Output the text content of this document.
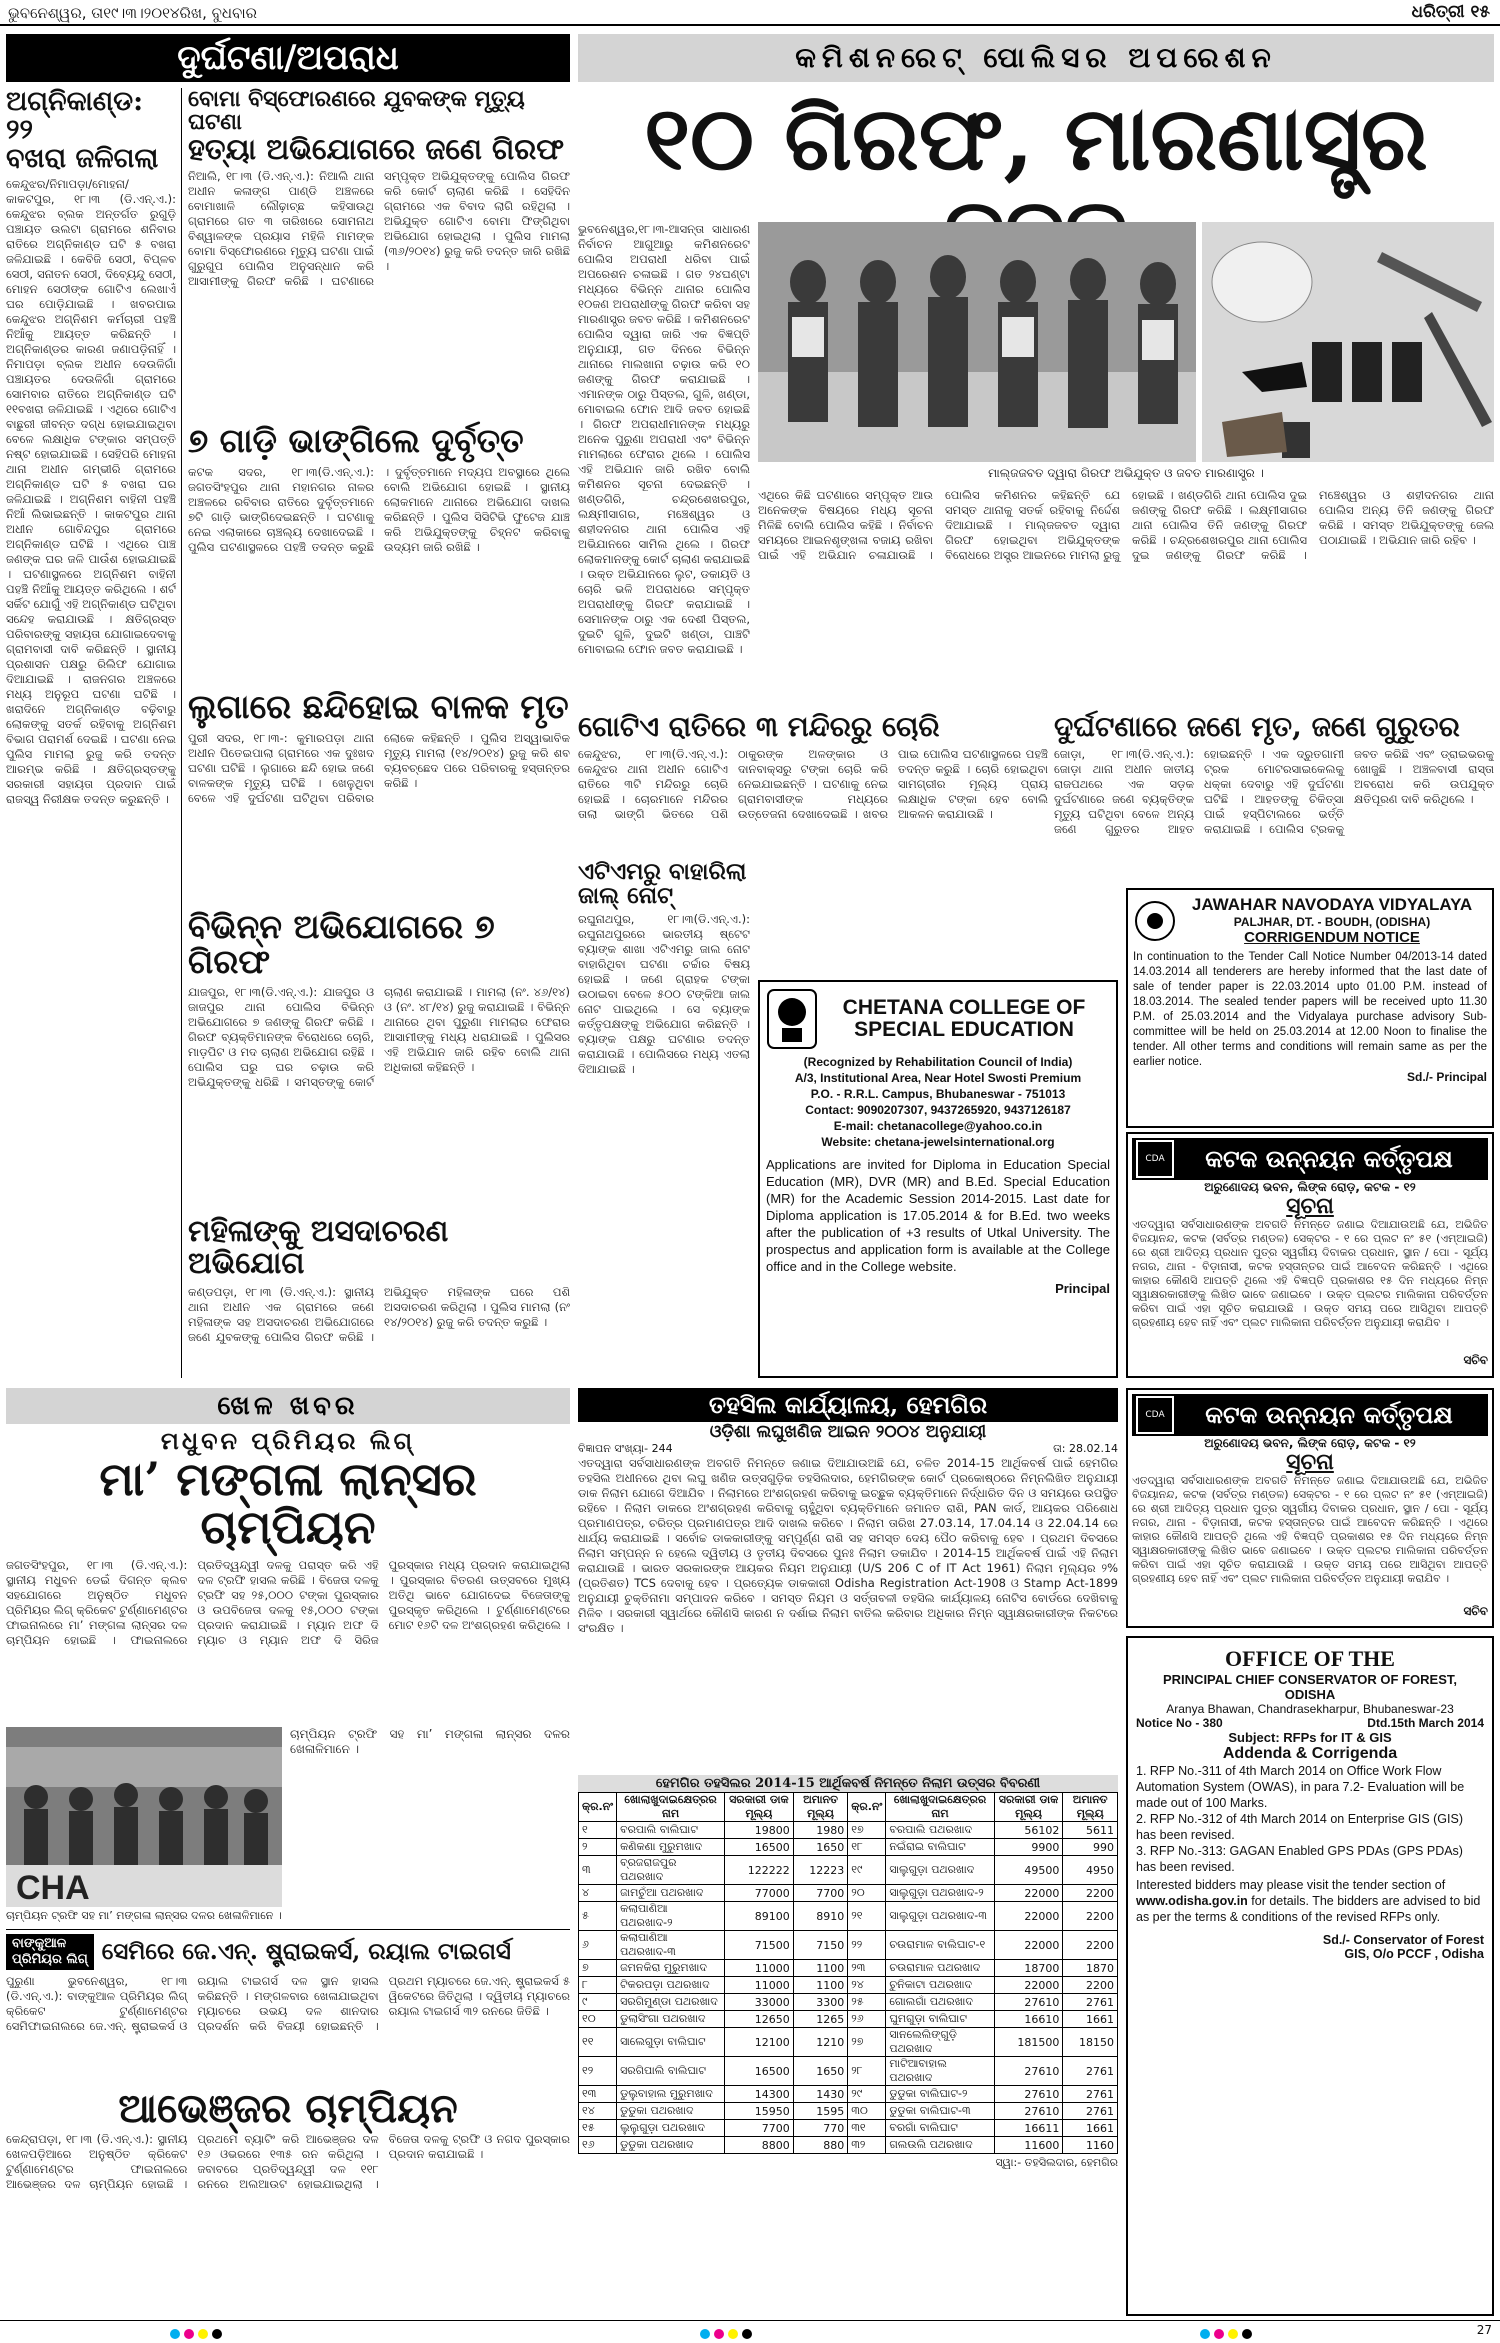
ଭୁବନେଶ୍ୱର, ତା୧୯।୩।୨୦୧୪ରିଖ, ବୁଧବାର	ଧରିତ୍ରୀ ୧୫
ଦୁର୍ଘଟଣା/ଅପରାଧ
ଅଗ୍ନିକାଣ୍ଡ: ୨୨
ବଖରା ଜଳିଗଲା
କେନ୍ଦୁଝର/ନିମାପଡ଼ା/ମୋହନା/କାକଟପୁର, ୧୮।୩ (ଡି.ଏନ୍.ଏ.): କେନ୍ଦୁଝର ବ୍ଲକ ଅନ୍ତର୍ଗତ ରୁଗୁଡ଼ି ପଞ୍ଚାୟତ ଉଲଟା ଗ୍ରାମରେ ଶନିବାର ରାତିରେ ଅଗ୍ନିକାଣ୍ଡ ଘଟି ୫ ବଖରା ଜଳିଯାଇଛି । କେବିଜି ସେଠୀ, ବିପ୍ଳବ ସେଠୀ, ସନାତନ ସେଠୀ, ଦିବ୍ୟେନ୍ଦୁ ସେଠୀ, ମୋହନ ସେଠୀଙ୍କ ଗୋଟିଏ ଲେଖାଏଁ ଘର ପୋଡ଼ିଯାଇଛି । ଖବରପାଇ କେନ୍ଦୁଝର ଅଗ୍ନିଶମ କର୍ମଚାରୀ ପହଞ୍ଚି ନିଆଁକୁ ଆୟତ୍ତ କରିଛନ୍ତି । ଅଗ୍ନିକାଣ୍ଡର କାରଣ ଜଣାପଡ଼ିନାହିଁ । ନିମାପଡ଼ା ବ୍ଲକ ଅଧୀନ ଦେଉଳିଗାଁ ପଞ୍ଚାୟତର ଦେଉଳିଗାଁ ଗ୍ରାମରେ ସୋମବାର ରାତିରେ ଅଗ୍ନିକାଣ୍ଡ ଘଟି ୧୧ବଖରା ଜଳିଯାଇଛି । ଏଥିରେ ଗୋଟିଏ ବାଛୁରୀ ଜୀବନ୍ତ ଦଗ୍ଧ ହୋଇଯାଇଥିବା ବେଳେ ଲକ୍ଷାଧିକ ଟଙ୍କାର ସମ୍ପତ୍ତି ନଷ୍ଟ ହୋଇଯାଇଛି । ସେହିପରି ମୋହନା ଥାନା ଅଧୀନ ଗମ୍ଭୀରି ଗ୍ରାମରେ ଅଗ୍ନିକାଣ୍ଡ ଘଟି ୫ ବଖରା ଘର ଜଳିଯାଇଛି । ଅଗ୍ନିଶମ ବାହିନୀ ପହଞ୍ଚି ନିଆଁ ଲିଭାଇଛନ୍ତି । କାକଟପୁର ଥାନା ଅଧୀନ ଗୋବିନ୍ଦପୁର ଗ୍ରାମରେ ଅଗ୍ନିକାଣ୍ଡ ଘଟିଛି । ଏଥିରେ ପାଞ୍ଚ ଜଣଙ୍କ ଘର ଜଳି ପାଉଁଶ ହୋଇଯାଇଛି । ଘଟଣାସ୍ଥଳରେ ଅଗ୍ନିଶମ ବାହିନୀ ପହଞ୍ଚି ନିଆଁକୁ ଆୟତ୍ତ କରିଥିଲେ । ଶର୍ଟ ସର୍କିଟ ଯୋଗୁଁ ଏହି ଅଗ୍ନିକାଣ୍ଡ ଘଟିଥିବା ସନ୍ଦେହ କରାଯାଉଛି । କ୍ଷତିଗ୍ରସ୍ତ ପରିବାରଙ୍କୁ ସହାୟତା ଯୋଗାଇଦେବାକୁ ଗ୍ରାମବାସୀ ଦାବି କରିଛନ୍ତି । ସ୍ଥାନୀୟ ପ୍ରଶାସନ ପକ୍ଷରୁ ରିଲିଫ ଯୋଗାଇ ଦିଆଯାଇଛି । ରାଜନଗର ଅଞ୍ଚଳରେ ମଧ୍ୟ ଅନୁରୂପ ଘଟଣା ଘଟିଛି । ଖରାଦିନେ ଅଗ୍ନିକାଣ୍ଡ ବଢ଼ିବାରୁ ଲୋକଙ୍କୁ ସତର୍କ ରହିବାକୁ ଅଗ୍ନିଶମ ବିଭାଗ ପରାମର୍ଶ ଦେଇଛି । ଘଟଣା ନେଇ ପୁଲିସ ମାମଲା ରୁଜୁ କରି ତଦନ୍ତ ଆରମ୍ଭ କରିଛି । କ୍ଷତିଗ୍ରସ୍ତଙ୍କୁ ସରକାରୀ ସହାୟତା ପ୍ରଦାନ ପାଇଁ ରାଜସ୍ୱ ନିରୀକ୍ଷକ ତଦନ୍ତ କରୁଛନ୍ତି ।
ବୋମା ବିସ୍ଫୋରଣରେ ଯୁବକଙ୍କ ମୃତ୍ୟୁ ଘଟଣା
ହତ୍ୟା ଅଭିଯୋଗରେ ଜଣେ ଗିରଫ
ନିଆଲି, ୧୮।୩ (ଡି.ଏନ୍.ଏ.): ନିଆଲି ଥାନା ଅଧୀନ କଳାଙ୍ଗ ପାଣ୍ଡି ଅଞ୍ଚଳରେ ବୋମାଖାଳି ଲୌଢ଼ାଚ୍ଛ କହିସାଉଥି ଗ୍ରାମରେ ଗତ ୩ ତାରିଖରେ ସୋମନାଥ ବିଶ୍ୱାଳଙ୍କ ପ୍ରୟାସ ମହିଳି ମାମଙ୍କ ବୋମା ବିସ୍ଫୋରଣରେ ମୃତ୍ୟୁ ଘଟଣା ପାଇଁ ଗୁରୁଗୁପ ପୋଲିସ ଅନୁସନ୍ଧାନ କରି ଆସାମୀଙ୍କୁ ଗିରଫ କରିଛି । ଘଟଣାରେ ସମ୍ପୃକ୍ତ ଅଭିଯୁକ୍ତଙ୍କୁ ପୋଲିସ ଗିରଫ କରି କୋର୍ଟ ଚାଲାଣ କରିଛି । ସେହିଦିନ ଗ୍ରାମରେ ଏକ ବିବାଦ ଲାଗି ରହିଥିଲା । ଅଭିଯୁକ୍ତ ଗୋଟିଏ ବୋମା ଫିଙ୍ଗିଥିବା ଅଭିଯୋଗ ହୋଇଥିଲା । ପୁଲିସ ମାମଲା (୩୬/୨୦୧୪) ରୁଜୁ କରି ତଦନ୍ତ ଜାରି ରଖିଛି ।
୭ ଗାଡ଼ି ଭାଙ୍ଗିଲେ ଦୁର୍ବୃତ୍ତ
କଟକ ସଦର, ୧୮।୩(ଡି.ଏନ୍.ଏ.): ଜଗତସିଂହପୁର ଥାନା ମହାନଗର ନାଳର ଅଞ୍ଚଳରେ ରବିବାର ରାତିରେ ଦୁର୍ବୃତ୍ତମାନେ ୭ଟି ଗାଡ଼ି ଭାଙ୍ଗିଦେଇଛନ୍ତି । ଘଟଣାକୁ ନେଇ ଏଲାକାରେ ଚାଞ୍ଚଲ୍ୟ ଦେଖାଦେଇଛି । ପୁଲିସ ଘଟଣାସ୍ଥଳରେ ପହଞ୍ଚି ତଦନ୍ତ କରୁଛି । ଦୁର୍ବୃତ୍ତମାନେ ମଦ୍ୟପ ଅବସ୍ଥାରେ ଥିଲେ ବୋଲି ଅଭିଯୋଗ ହୋଇଛି । ସ୍ଥାନୀୟ ଲୋକମାନେ ଥାନାରେ ଅଭିଯୋଗ ଦାଖଲ କରିଛନ୍ତି । ପୁଲିସ ସିସିଟିଭି ଫୁଟେଜ ଯାଞ୍ଚ କରି ଅଭିଯୁକ୍ତଙ୍କୁ ଚିହ୍ନଟ କରିବାକୁ ଉଦ୍ୟମ ଜାରି ରଖିଛି ।
ଲୁଗାରେ ଛନ୍ଦିହୋଇ ବାଳକ ମୃତ
ପୁରୀ ସଦର, ୧୮।୩-: କୁମାରପଡ଼ା ଥାନା ଅଧୀନ ପିତେଇପାଲା ଗ୍ରାମରେ ଏକ ଦୁଃଖଦ ଘଟଣା ଘଟିଛି । ଲୁଗାରେ ଛନ୍ଦି ହୋଇ ଜଣେ ବାଳକଙ୍କ ମୃତ୍ୟୁ ଘଟିଛି । ଖେଳୁଥିବା ବେଳେ ଏହି ଦୁର୍ଘଟଣା ଘଟିଥିବା ପରିବାର ଲୋକେ କହିଛନ୍ତି । ପୁଲିସ ଅସ୍ୱାଭାବିକ ମୃତ୍ୟୁ ମାମଲା (୧୪/୨୦୧୪) ରୁଜୁ କରି ଶବ ବ୍ୟବଚ୍ଛେଦ ପରେ ପରିବାରକୁ ହସ୍ତାନ୍ତର କରିଛି ।
ବିଭିନ୍ନ ଅଭିଯୋଗରେ ୭ ଗିରଫ
ଯାଜପୁର, ୧୮।୩(ଡି.ଏନ୍.ଏ.): ଯାଜପୁର ଓ ଜାଜପୁର ଥାନା ପୋଲିସ ବିଭିନ୍ନ ଅଭିଯୋଗରେ ୭ ଜଣଙ୍କୁ ଗିରଫ କରିଛି । ଗିରଫ ବ୍ୟକ୍ତିମାନଙ୍କ ବିରୋଧରେ ଚୋରି, ମାଡ଼ପିଟ ଓ ମଦ ଚାଲାଣ ଅଭିଯୋଗ ରହିଛି । ପୋଲିସ ଘରୁ ଘର ଚଢ଼ାଉ କରି ଅଭିଯୁକ୍ତଙ୍କୁ ଧରିଛି । ସମସ୍ତଙ୍କୁ କୋର୍ଟ ଚାଲାଣ କରାଯାଇଛି । ମାମଲା (ନଂ. ୪୬/୧୪) ଓ (ନଂ. ୪୮/୧୪) ରୁଜୁ କରାଯାଇଛି । ବିଭିନ୍ନ ଥାନାରେ ଥିବା ପୁରୁଣା ମାମଲାର ଫେରାର ଆସାମୀଙ୍କୁ ମଧ୍ୟ ଧରାଯାଇଛି । ପୁଲିସର ଏହି ଅଭିଯାନ ଜାରି ରହିବ ବୋଲି ଥାନା ଅଧିକାରୀ କହିଛନ୍ତି ।
ମହିଳାଙ୍କୁ ଅସଦାଚରଣ ଅଭିଯୋଗ
କଣ୍ଡପଡ଼ା, ୧୮।୩ (ଡି.ଏନ୍.ଏ.): ସ୍ଥାନୀୟ ଥାନା ଅଧୀନ ଏକ ଗ୍ରାମରେ ଜଣେ ମହିଳାଙ୍କ ସହ ଅସଦାଚରଣ ଅଭିଯୋଗରେ ଜଣେ ଯୁବକଙ୍କୁ ପୋଲିସ ଗିରଫ କରିଛି । ଅଭିଯୁକ୍ତ ମହିଳାଙ୍କ ଘରେ ପଶି ଅସଦାଚରଣ କରିଥିଲା । ପୁଲିସ ମାମଲା (ନଂ ୧୪/୨୦୧୪) ରୁଜୁ କରି ତଦନ୍ତ କରୁଛି ।
କମିଶନରେଟ୍ ପୋଲିସର ଅପରେଶନ
୧୦ ଗିରଫ, ମାରଣାସ୍ତ୍ର
ଭୁବନେଶ୍ୱର,୧୮।୩-ଆସନ୍ତା ସାଧାରଣ ନିର୍ବାଚନ ଆଗୁଆରୁ କମିଶନରେଟ ପୋଲିସ ଅପରାଧୀ ଧରିବା ପାଇଁ ଅପରେଶନ ଚଳାଇଛି । ଗତ ୨୪ଘଣ୍ଟା ମଧ୍ୟରେ ବିଭିନ୍ନ ଥାନାର ପୋଲିସ ୧୦ଜଣ ଅପରାଧୀଙ୍କୁ ଗିରଫ କରିବା ସହ ମାରଣାସ୍ତ୍ର ଜବତ କରିଛି । କମିଶନରେଟ ପୋଲିସ ଦ୍ୱାରା ଜାରି ଏକ ବିଜ୍ଞପ୍ତି ଅନୁଯାୟୀ, ଗତ ଦିନରେ ବିଭିନ୍ନ ଥାନାରେ ମାଲଖାନା ଚଢ଼ାଉ କରି ୧୦ ଜଣଙ୍କୁ ଗିରଫ କରାଯାଇଛି । ଏମାନଙ୍କ ଠାରୁ ପିସ୍ତଲ, ଗୁଳି, ଖଣ୍ଡା, ମୋବାଇଲ ଫୋନ ଆଦି ଜବତ ହୋଇଛି । ଗିରଫ ଅପରାଧୀମାନଙ୍କ ମଧ୍ୟରୁ ଅନେକ ପୁରୁଣା ଅପରାଧୀ ଏବଂ ବିଭିନ୍ନ ମାମଲାରେ ଫେରାର ଥିଲେ । ପୋଲିସ ଏହି ଅଭିଯାନ ଜାରି ରଖିବ ବୋଲି କମିଶନର ସୂଚନା ଦେଇଛନ୍ତି । ଖଣ୍ଡଗିରି, ଚନ୍ଦ୍ରଶେଖରପୁର, ଲକ୍ଷ୍ମୀସାଗର, ମଞ୍ଚେଶ୍ୱର ଓ ଶହୀଦନଗର ଥାନା ପୋଲିସ ଏହି ଅଭିଯାନରେ ସାମିଲ ଥିଲେ । ଗିରଫ ଲୋକମାନଙ୍କୁ କୋର୍ଟ ଚାଲାଣ କରାଯାଇଛି । ଉକ୍ତ ଅଭିଯାନରେ ଲୁଟ, ଡକାୟତି ଓ ଚୋରି ଭଳି ଅପରାଧରେ ସମ୍ପୃକ୍ତ ଅପରାଧୀଙ୍କୁ ଗିରଫ କରାଯାଇଛି । ସେମାନଙ୍କ ଠାରୁ ଏକ ଦେଶୀ ପିସ୍ତଲ, ଦୁଇଟି ଗୁଳି, ଦୁଇଟି ଖଣ୍ଡା, ପାଞ୍ଚଟି ମୋବାଇଲ ଫୋନ ଜବତ କରାଯାଇଛି ।
ମାଲ୍‌ଜଜବତ ଦ୍ୱାରା ଗିରଫ ଅଭିଯୁକ୍ତ ଓ ଜବତ ମାରଣାସ୍ତ୍ର ।
ଏଥିରେ କିଛି ଘଟଣାରେ ସମ୍ପୃକ୍ତ ଆଉ ଅନେକଙ୍କ ବିଷୟରେ ମଧ୍ୟ ସୂଚନା ମିଳିଛି ବୋଲି ପୋଲିସ କହିଛି । ନିର୍ବାଚନ ସମୟରେ ଆଇନଶୃଙ୍ଖଳା ବଜାୟ ରଖିବା ପାଇଁ ଏହି ଅଭିଯାନ ଚଳାଯାଉଛି । ପୋଲିସ କମିଶନର କହିଛନ୍ତି ଯେ ସମସ୍ତ ଥାନାକୁ ସତର୍କ ରହିବାକୁ ନିର୍ଦ୍ଦେଶ ଦିଆଯାଇଛି । ମାଲ୍‌ଜଜବତ ଦ୍ୱାରା ଗିରଫ ହୋଇଥିବା ଅଭିଯୁକ୍ତଙ୍କ ବିରୋଧରେ ଅସ୍ତ୍ର ଆଇନରେ ମାମଲା ରୁଜୁ ହୋଇଛି । ଖଣ୍ଡଗିରି ଥାନା ପୋଲିସ ଦୁଇ ଜଣଙ୍କୁ ଗିରଫ କରିଛି । ଲକ୍ଷ୍ମୀସାଗର ଥାନା ପୋଲିସ ତିନି ଜଣଙ୍କୁ ଗିରଫ କରିଛି । ଚନ୍ଦ୍ରଶେଖରପୁର ଥାନା ପୋଲିସ ଦୁଇ ଜଣଙ୍କୁ ଗିରଫ କରିଛି । ମଞ୍ଚେଶ୍ୱର ଓ ଶହୀଦନଗର ଥାନା ପୋଲିସ ଅନ୍ୟ ତିନି ଜଣଙ୍କୁ ଗିରଫ କରିଛି । ସମସ୍ତ ଅଭିଯୁକ୍ତଙ୍କୁ ଜେଲ ପଠାଯାଇଛି । ଅଭିଯାନ ଜାରି ରହିବ ।
ଗୋଟିଏ ରାତିରେ ୩ ମନ୍ଦିରରୁ ଚୋରି
କେନ୍ଦୁଝର, ୧୮।୩(ଡି.ଏନ୍.ଏ.): କେନ୍ଦୁଝର ଥାନା ଅଧୀନ ଗୋଟିଏ ରାତିରେ ୩ଟି ମନ୍ଦିରରୁ ଚୋରି ହୋଇଛି । ଚୋରମାନେ ମନ୍ଦିରର ତାଲା ଭାଙ୍ଗି ଭିତରେ ପଶି ଠାକୁରଙ୍କ ଅଳଙ୍କାର ଓ ଦାନବାକ୍ସରୁ ଟଙ୍କା ଚୋରି କରି ନେଇଯାଇଛନ୍ତି । ଘଟଣାକୁ ନେଇ ଗ୍ରାମବାସୀଙ୍କ ମଧ୍ୟରେ ଉତ୍ତେଜନା ଦେଖାଦେଇଛି । ଖବର ପାଇ ପୋଲିସ ଘଟଣାସ୍ଥଳରେ ପହଞ୍ଚି ତଦନ୍ତ କରୁଛି । ଚୋରି ହୋଇଥିବା ସାମଗ୍ରୀର ମୂଲ୍ୟ ପ୍ରାୟ ଲକ୍ଷାଧିକ ଟଙ୍କା ହେବ ବୋଲି ଆକଳନ କରାଯାଉଛି ।
ଦୁର୍ଘଟଣାରେ ଜଣେ ମୃତ, ଜଣେ ଗୁରୁତର
ଜୋଡ଼ା, ୧୮।୩(ଡି.ଏନ୍.ଏ.): ଜୋଡ଼ା ଥାନା ଅଧୀନ ଜାତୀୟ ରାଜପଥରେ ଏକ ସଡ଼କ ଦୁର୍ଘଟଣାରେ ଜଣେ ବ୍ୟକ୍ତିଙ୍କ ମୃତ୍ୟୁ ଘଟିଥିବା ବେଳେ ଅନ୍ୟ ଜଣେ ଗୁରୁତର ଆହତ ହୋଇଛନ୍ତି । ଏକ ଦ୍ରୁତଗାମୀ ଟ୍ରକ ମୋଟରସାଇକେଲକୁ ଧକ୍କା ଦେବାରୁ ଏହି ଦୁର୍ଘଟଣା ଘଟିଛି । ଆହତଙ୍କୁ ଚିକିତ୍ସା ପାଇଁ ହସ୍ପିଟାଲରେ ଭର୍ତ୍ତି କରାଯାଇଛି । ପୋଲିସ ଟ୍ରକକୁ ଜବତ କରିଛି ଏବଂ ଡ୍ରାଇଭରକୁ ଖୋଜୁଛି । ଅଞ୍ଚଳବାସୀ ରାସ୍ତା ଅବରୋଧ କରି ଉପଯୁକ୍ତ କ୍ଷତିପୂରଣ ଦାବି କରିଥିଲେ ।
ଏଟିଏମରୁ ବାହାରିଲା
ଜାଲ୍ ନୋଟ୍
ରଘୁନାଥପୁର, ୧୮।୩(ଡି.ଏନ୍.ଏ.): ରଘୁନାଥପୁରରେ ଭାରତୀୟ ଷ୍ଟେଟ ବ୍ୟାଙ୍କ ଶାଖା ଏଟିଏମରୁ ଜାଲ ନୋଟ ବାହାରିଥିବା ଘଟଣା ଚର୍ଚ୍ଚାର ବିଷୟ ହୋଇଛି । ଜଣେ ଗ୍ରାହକ ଟଙ୍କା ଉଠାଇବା ବେଳେ ୫୦୦ ଟଙ୍କିଆ ଜାଲ ନୋଟ ପାଇଥିଲେ । ସେ ବ୍ୟାଙ୍କ କର୍ତ୍ତୃପକ୍ଷଙ୍କୁ ଅଭିଯୋଗ କରିଛନ୍ତି । ବ୍ୟାଙ୍କ ପକ୍ଷରୁ ଘଟଣାର ତଦନ୍ତ କରାଯାଉଛି । ପୋଲିସରେ ମଧ୍ୟ ଏତଲା ଦିଆଯାଇଛି ।
CHETANA COLLEGE OF
SPECIAL EDUCATION
(Recognized by Rehabilitation Council of India)
A/3, Institutional Area, Near Hotel Swosti Premium
P.O. - R.R.L. Campus, Bhubaneswar - 751013
Contact: 9090207307, 9437265920, 9437126187
E-mail: chetanacollege@yahoo.co.in
Website: chetana-jewelsinternational.org
Applications are invited for Diploma in Education Special Education (MR), DVR (MR) and B.Ed. Special Education (MR) for the Academic Session 2014-2015. Last date for Diploma application is 17.05.2014 & for B.Ed. two weeks after the publication of +3 results of Utkal University. The prospectus and application form is available at the College office and in the College website.
Principal
JAWAHAR NAVODAYA VIDYALAYA
PALJHAR, DT. - BOUDH, (ODISHA)
CORRIGENDUM NOTICE
In continuation to the Tender Call Notice Number 04/2013-14 dated 14.03.2014 all tenderers are hereby informed that the last date of sale of tender paper is 22.03.2014 upto 01.00 P.M. instead of 18.03.2014. The sealed tender papers will be received upto 11.30 P.M. of 25.03.2014 and the Vidyalaya purchase advisory Sub-committee will be held on 25.03.2014 at 12.00 Noon to finalise the tender. All other terms and conditions will remain same as per the earlier notice.
Sd./- Principal
CDA	କଟକ ଉନ୍ନୟନ କର୍ତ୍ତୃପକ୍ଷ
ଅରୁଣୋଦୟ ଭବନ, ଲିଙ୍କ ରୋଡ଼, କଟକ - ୧୨
ସୂଚନା
ଏତଦ୍ୱାରା ସର୍ବସାଧାରଣଙ୍କ ଅବଗତି ନିମନ୍ତେ ଜଣାଇ ଦିଆଯାଉଅଛି ଯେ, ଅଭିଜିତ ବିଜୟାନନ୍ଦ, କଟକ (ସର୍ବତ୍ର ମଣ୍ଡଳ) ସେକ୍ଟର - ୧ ରେ ପ୍ଲଟ ନଂ ୫୧ (ଏମ୍‌ଆଇଜି) ରେ ଶ୍ରୀ ଆଦିତ୍ୟ ପ୍ରଧାନ ପୁତ୍ର ସ୍ୱର୍ଗୀୟ ଦିବାକର ପ୍ରଧାନ, ସ୍ଥାନ / ପୋ - ସୂର୍ଯ୍ୟ ନଗର, ଥାନା - ବିଡ଼ାନାସୀ, କଟକ ହସ୍ତାନ୍ତର ପାଇଁ ଆବେଦନ କରିଛନ୍ତି । ଏଥିରେ କାହାର କୌଣସି ଆପତ୍ତି ଥିଲେ ଏହି ବିଜ୍ଞପ୍ତି ପ୍ରକାଶର ୧୫ ଦିନ ମଧ୍ୟରେ ନିମ୍ନ ସ୍ୱାକ୍ଷରକାରୀଙ୍କୁ ଲିଖିତ ଭାବେ ଜଣାଇବେ । ଉକ୍ତ ପ୍ଲଟର ମାଲିକାନା ପରିବର୍ତ୍ତନ କରିବା ପାଇଁ ଏହା ସୂଚିତ କରାଯାଉଛି । ଉକ୍ତ ସମୟ ପରେ ଆସିଥିବା ଆପତ୍ତି ଗ୍ରହଣୀୟ ହେବ ନାହିଁ ଏବଂ ପ୍ଲଟ ମାଲିକାନା ପରିବର୍ତ୍ତନ ଅନୁଯାୟୀ କରାଯିବ ।
ସଚିବ
CDA	କଟକ ଉନ୍ନୟନ କର୍ତ୍ତୃପକ୍ଷ
ଅରୁଣୋଦୟ ଭବନ, ଲିଙ୍କ ରୋଡ଼, କଟକ - ୧୨
ସୂଚନା
ଏତଦ୍ୱାରା ସର୍ବସାଧାରଣଙ୍କ ଅବଗତି ନିମନ୍ତେ ଜଣାଇ ଦିଆଯାଉଅଛି ଯେ, ଅଭିଜିତ ବିଜୟାନନ୍ଦ, କଟକ (ସର୍ବତ୍ର ମଣ୍ଡଳ) ସେକ୍ଟର - ୧ ରେ ପ୍ଲଟ ନଂ ୫୧ (ଏମ୍‌ଆଇଜି) ରେ ଶ୍ରୀ ଆଦିତ୍ୟ ପ୍ରଧାନ ପୁତ୍ର ସ୍ୱର୍ଗୀୟ ଦିବାକର ପ୍ରଧାନ, ସ୍ଥାନ / ପୋ - ସୂର୍ଯ୍ୟ ନଗର, ଥାନା - ବିଡ଼ାନାସୀ, କଟକ ହସ୍ତାନ୍ତର ପାଇଁ ଆବେଦନ କରିଛନ୍ତି । ଏଥିରେ କାହାର କୌଣସି ଆପତ୍ତି ଥିଲେ ଏହି ବିଜ୍ଞପ୍ତି ପ୍ରକାଶର ୧୫ ଦିନ ମଧ୍ୟରେ ନିମ୍ନ ସ୍ୱାକ୍ଷରକାରୀଙ୍କୁ ଲିଖିତ ଭାବେ ଜଣାଇବେ । ଉକ୍ତ ପ୍ଲଟର ମାଲିକାନା ପରିବର୍ତ୍ତନ କରିବା ପାଇଁ ଏହା ସୂଚିତ କରାଯାଉଛି । ଉକ୍ତ ସମୟ ପରେ ଆସିଥିବା ଆପତ୍ତି ଗ୍ରହଣୀୟ ହେବ ନାହିଁ ଏବଂ ପ୍ଲଟ ମାଲିକାନା ପରିବର୍ତ୍ତନ ଅନୁଯାୟୀ କରାଯିବ ।
ସଚିବ
ଖେଳ ଖବର
ମଧୁବନ ପ୍ରିମିୟର ଲିଗ୍
ମା’ ମଙ୍ଗଳା ଲାନ୍ସର ଚାମ୍ପିୟନ
ଜଗତସିଂହପୁର, ୧୮।୩ (ଡି.ଏନ୍.ଏ.): ସ୍ଥାନୀୟ ମଧୁବନ ଡେଇଁ ଦିଗନ୍ତ କ୍ଲବ ସହଯୋଗରେ ଅନୁଷ୍ଠିତ ମଧୁବନ ପ୍ରିମିୟର ଲିଗ୍ କ୍ରିକେଟ ଟୁର୍ଣ୍ଣାମେଣ୍ଟର ଫାଇନାଲରେ ମା’ ମଙ୍ଗଳା ଲାନ୍ସର ଦଳ ଚାମ୍ପିୟନ ହୋଇଛି । ଫାଇନାଲରେ ପ୍ରତିଦ୍ୱନ୍ଦ୍ୱୀ ଦଳକୁ ପରାସ୍ତ କରି ଏହି ଦଳ ଟ୍ରଫି ହାସଲ କରିଛି । ବିଜେତା ଦଳକୁ ଟ୍ରଫି ସହ ୨୫,୦୦୦ ଟଙ୍କା ପୁରସ୍କାର ଓ ଉପବିଜେତା ଦଳକୁ ୧୫,୦୦୦ ଟଙ୍କା ପ୍ରଦାନ କରାଯାଇଛି । ମ୍ୟାନ ଅଫ ଦି ମ୍ୟାଚ ଓ ମ୍ୟାନ ଅଫ ଦି ସିରିଜ ପୁରସ୍କାର ମଧ୍ୟ ପ୍ରଦାନ କରାଯାଇଥିଲା । ପୁରସ୍କାର ବିତରଣ ଉତ୍ସବରେ ମୁଖ୍ୟ ଅତିଥି ଭାବେ ଯୋଗଦେଇ ବିଜେତାଙ୍କୁ ପୁରସ୍କୃତ କରିଥିଲେ । ଟୁର୍ଣ୍ଣାମେଣ୍ଟରେ ମୋଟ ୧୬ଟି ଦଳ ଅଂଶଗ୍ରହଣ କରିଥିଲେ ।
CHA
ଚାମ୍ପିୟନ ଟ୍ରଫି ସହ ମା’ ମଙ୍ଗଳା ଲାନ୍ସର ଦଳର ଖେଳାଳିମାନେ ।
ଚାମ୍ପିୟନ ଟ୍ରଫି ସହ ମା’ ମଙ୍ଗଳା ଲାନ୍ସର ଦଳର ଖେଳାଳିମାନେ ।
ବାଙ୍କୁଆଳ
ପ୍ରିମିୟର ଲିଗ୍ ସେମିରେ ଜେ.ଏନ୍. ଷ୍ଟ୍ରାଇକର୍ସ, ରୟାଲ ଟାଇଗର୍ସ
ପୁରୁଣା ଭୁବନେଶ୍ୱର, ୧୮।୩ (ଡି.ଏନ୍.ଏ.): ବାଙ୍କୁଆଳ ପ୍ରିମିୟର ଲିଗ୍ କ୍ରିକେଟ ଟୁର୍ଣ୍ଣାମେଣ୍ଟର ସେମିଫାଇନାଲରେ ଜେ.ଏନ୍. ଷ୍ଟ୍ରାଇକର୍ସ ଓ ରୟାଲ ଟାଇଗର୍ସ ଦଳ ସ୍ଥାନ ହାସଲ କରିଛନ୍ତି । ମଙ୍ଗଳବାର ଖେଳାଯାଇଥିବା ମ୍ୟାଚରେ ଉଭୟ ଦଳ ଶାନଦାର ପ୍ରଦର୍ଶନ କରି ବିଜୟୀ ହୋଇଛନ୍ତି । ପ୍ରଥମ ମ୍ୟାଚରେ ଜେ.ଏନ୍. ଷ୍ଟ୍ରାଇକର୍ସ ୫ ୱିକେଟରେ ଜିତିଥିଲା । ଦ୍ୱିତୀୟ ମ୍ୟାଚରେ ରୟାଲ ଟାଇଗର୍ସ ୩୨ ରନରେ ଜିତିଛି ।
ଆଭେଞ୍ଜର ଚାମ୍ପିୟନ
କେନ୍ଦ୍ରାପଡ଼ା, ୧୮।୩ (ଡି.ଏନ୍.ଏ.): ସ୍ଥାନୀୟ ଖେଳପଡ଼ିଆରେ ଅନୁଷ୍ଠିତ କ୍ରିକେଟ ଟୁର୍ଣ୍ଣାମେଣ୍ଟର ଫାଇନାଲରେ ଆଭେଞ୍ଜର ଦଳ ଚାମ୍ପିୟନ ହୋଇଛି । ପ୍ରଥମେ ବ୍ୟାଟିଂ କରି ଆଭେଞ୍ଜର ଦଳ ୧୬ ଓଭରରେ ୧୩୫ ରନ କରିଥିଲା । ଜବାବରେ ପ୍ରତିଦ୍ୱନ୍ଦ୍ୱୀ ଦଳ ୧୧୮ ରନରେ ଅଲଆଉଟ ହୋଇଯାଇଥିଲା । ବିଜେତା ଦଳକୁ ଟ୍ରଫି ଓ ନଗଦ ପୁରସ୍କାର ପ୍ରଦାନ କରାଯାଇଛି ।
ତହସିଲ କାର୍ଯ୍ୟାଳୟ, ହେମଗିର
ଓଡ଼ିଶା ଲଘୁଖଣିଜ ଆଇନ ୨୦୦୪ ଅନୁଯାୟୀ
ବିଜ୍ଞାପନ ସଂଖ୍ୟା- 244	ତା: 28.02.14
ଏତଦ୍ୱାରା ସର୍ବସାଧାରଣଙ୍କ ଅବଗତି ନିମନ୍ତେ ଜଣାଇ ଦିଆଯାଉଅଛି ଯେ, ଚଳିତ 2014-15 ଆର୍ଥିକବର୍ଷ ପାଇଁ ହେମଗିର ତହସିଲ ଅଧୀନରେ ଥିବା ଲଘୁ ଖଣିଜ ଉତ୍ସଗୁଡ଼ିକ ତହସିଲଦାର, ହେମଗିରଙ୍କ କୋର୍ଟ ପ୍ରକୋଷ୍ଠରେ ନିମ୍ନଲିଖିତ ଅନୁଯାୟୀ ଡାକ ନିଲାମ ଯୋଗେ ଦିଆଯିବ । ନିଲାମରେ ଅଂଶଗ୍ରହଣ କରିବାକୁ ଇଚ୍ଛୁକ ବ୍ୟକ୍ତିମାନେ ନିର୍ଦ୍ଧାରିତ ଦିନ ଓ ସମୟରେ ଉପସ୍ଥିତ ରହିବେ । ନିଲାମ ଡାକରେ ଅଂଶଗ୍ରହଣ କରିବାକୁ ଚାହୁଁଥିବା ବ୍ୟକ୍ତିମାନେ ଜମାନତ ରାଶି, PAN କାର୍ଡ, ଆୟକର ପରିଶୋଧ ପ୍ରମାଣପତ୍ର, ଚରିତ୍ର ପ୍ରମାଣପତ୍ର ଆଦି ଦାଖଲ କରିବେ । ନିଲାମ ତାରିଖ 27.03.14, 17.04.14 ଓ 22.04.14 ରେ ଧାର୍ଯ୍ୟ କରାଯାଇଛି । ସର୍ବୋଚ୍ଚ ଡାକକାରୀଙ୍କୁ ସମ୍ପୂର୍ଣ୍ଣ ରାଶି ସହ ସମସ୍ତ ଦେୟ ପୈଠ କରିବାକୁ ହେବ । ପ୍ରଥମ ଦିବସରେ ନିଲାମ ସମ୍ପନ୍ନ ନ ହେଲେ ଦ୍ୱିତୀୟ ଓ ତୃତୀୟ ଦିବସରେ ପୁନଃ ନିଲାମ ଡକାଯିବ । 2014-15 ଆର୍ଥିକବର୍ଷ ପାଇଁ ଏହି ନିଲାମ କରାଯାଉଛି । ଭାରତ ସରକାରଙ୍କ ଆୟକର ନିୟମ ଅନୁଯାୟୀ (U/S 206 C of IT Act 1961) ନିଲାମ ମୂଲ୍ୟର ୨% (ପ୍ରତିଶତ) TCS ଦେବାକୁ ହେବ । ପ୍ରତ୍ୟେକ ଡାକକାରୀ Odisha Registration Act-1908 ଓ Stamp Act-1899 ଅନୁଯାୟୀ ଚୁକ୍ତିନାମା ସମ୍ପାଦନ କରିବେ । ସମସ୍ତ ନିୟମ ଓ ସର୍ତ୍ତାବଳୀ ତହସିଲ କାର୍ଯ୍ୟାଳୟ ନୋଟିସ ବୋର୍ଡରେ ଦେଖିବାକୁ ମିଳିବ । ସରକାରୀ ସ୍ୱାର୍ଥରେ କୌଣସି କାରଣ ନ ଦର୍ଶାଇ ନିଲାମ ବାତିଲ କରିବାର ଅଧିକାର ନିମ୍ନ ସ୍ୱାକ୍ଷରକାରୀଙ୍କ ନିକଟରେ ସଂରକ୍ଷିତ ।
ହେମଗିର ତହସିଲର 2014-15 ଆର୍ଥିକବର୍ଷ ନିମନ୍ତେ ନିଲାମ ଉତ୍ସର ବିବରଣୀ
କ୍ର.ନଂ	ଖୋଲାଖୁଦାଇକ୍ଷେତ୍ରର ନାମ	ସରକାରୀ ଡାକ ମୂଲ୍ୟ	ଅମାନତ ମୂଲ୍ୟ	କ୍ର.ନଂ	ଖୋଲାଖୁଦାଇକ୍ଷେତ୍ରର ନାମ	ସରକାରୀ ଡାକ ମୂଲ୍ୟ	ଅମାନତ ମୂଲ୍ୟ
୧	ବରପାଲି ବାଲିଘାଟ	19800	1980	୧୭	ବରପାଲି ପଥରଖାଦ	56102	5611
୨	କଣିକଣା ମୁରୁମଖାଦ	16500	1650	୧୮	ନଇଁରାଇ ବାଲିଘାଟ	9900	990
୩	ବ୍ରଜରାଜପୁର ପଥରଖାଦ	122222	12223	୧୯	ସାଲୁଗୁଡ଼ା ପଥରଖାଦ	49500	4950
୪	ଜାମଚୁଁଆ ପଥରଖାଦ	77000	7700	୨୦	ସାଲୁଗୁଡ଼ା ପଥରଖାଦ-୨	22000	2200
୫	କଲାପାଣିଆ ପଥରଖାଦ-୨	89100	8910	୨୧	ସାଲୁଗୁଡ଼ା ପଥରଖାଦ-୩	22000	2200
୬	କଲାପାଣିଆ ପଥରଖାଦ-୩	71500	7150	୨୨	ଚଉରାମାଳ ବାଲିଘାଟ-୧	22000	2200
୭	ଜମନକିରା ମୁରୁମଖାଦ	11000	1100	୨୩	ଚଉରାମାଳ ପଥରଖାଦ	18700	1870
୮	ଟିକରପଡ଼ା ପଥରଖାଦ	11000	1100	୨୪	ଚୁନିକାଟା ପଥରଖାଦ	22000	2200
୯	ସରଗିମୁଣ୍ଡା ପଥରଖାଦ	33000	3300	୨୫	ଗୋଲଗାଁ ପଥରଖାଦ	27610	2761
୧୦	ଡୁଲାସିଂଗା ପଥରଖାଦ	12650	1265	୨୬	ଘୁମଗୁଡ଼ା ବାଲିଘାଟ	16610	1661
୧୧	ସାଲେଗୁଡ଼ା ବାଲିଘାଟ	12100	1210	୨୭	ସାନଲେଲିଙ୍ଗୁଡ଼ି ପଥରଖାଦ	181500	18150
୧୨	ସରଗିପାଲି ବାଲିଘାଟ	16500	1650	୨୮	ମାଟିଆବାହାଲ ପଥରଖାଦ	27610	2761
୧୩	ଡୁଲୁବାହାଲ ମୁରୁମଖାଦ	14300	1430	୨୯	ଡୁଡୁକା ବାଲିଘାଟ-୨	27610	2761
୧୪	ଡୁଡୁକା ପଥରଖାଦ	15950	1595	୩୦	ଡୁଡୁକା ବାଲିଘାଟ-୩	27610	2761
୧୫	ଲୁଲୁଗୁଡ଼ା ପଥରଖାଦ	7700	770	୩୧	ବରଗାଁ ବାଲିଘାଟ	16611	1661
୧୬	ଡୁଡୁକା ପଥରଖାଦ	8800	880	୩୨	ଗଲଉଲି ପଥରଖାଦ	11600	1160
ସ୍ୱା:- ତହସିଲଦାର, ହେମଗିର
OFFICE OF THE
PRINCIPAL CHIEF CONSERVATOR OF FOREST, ODISHA
Aranya Bhawan, Chandrasekharpur, Bhubaneswar-23
Notice No - 380	Dtd.15th March 2014
Subject: RFPs for IT & GIS
Addenda & Corrigenda
1. RFP No.-311 of 4th March 2014 on Office Work Flow Automation System (OWAS), in para 7.2- Evaluation will be made out of 100 Marks.
2. RFP No.-312 of 4th March 2014 on Enterprise GIS (GIS) has been revised.
3. RFP No.-313: GAGAN Enabled GPS PDAs (GPS PDAs) has been revised.
Interested bidders may please visit the tender section of www.odisha.gov.in for details. The bidders are advised to bid as per the terms & conditions of the revised RFPs only.
Sd./- Conservator of Forest
GIS, O/o PCCF , Odisha
27
